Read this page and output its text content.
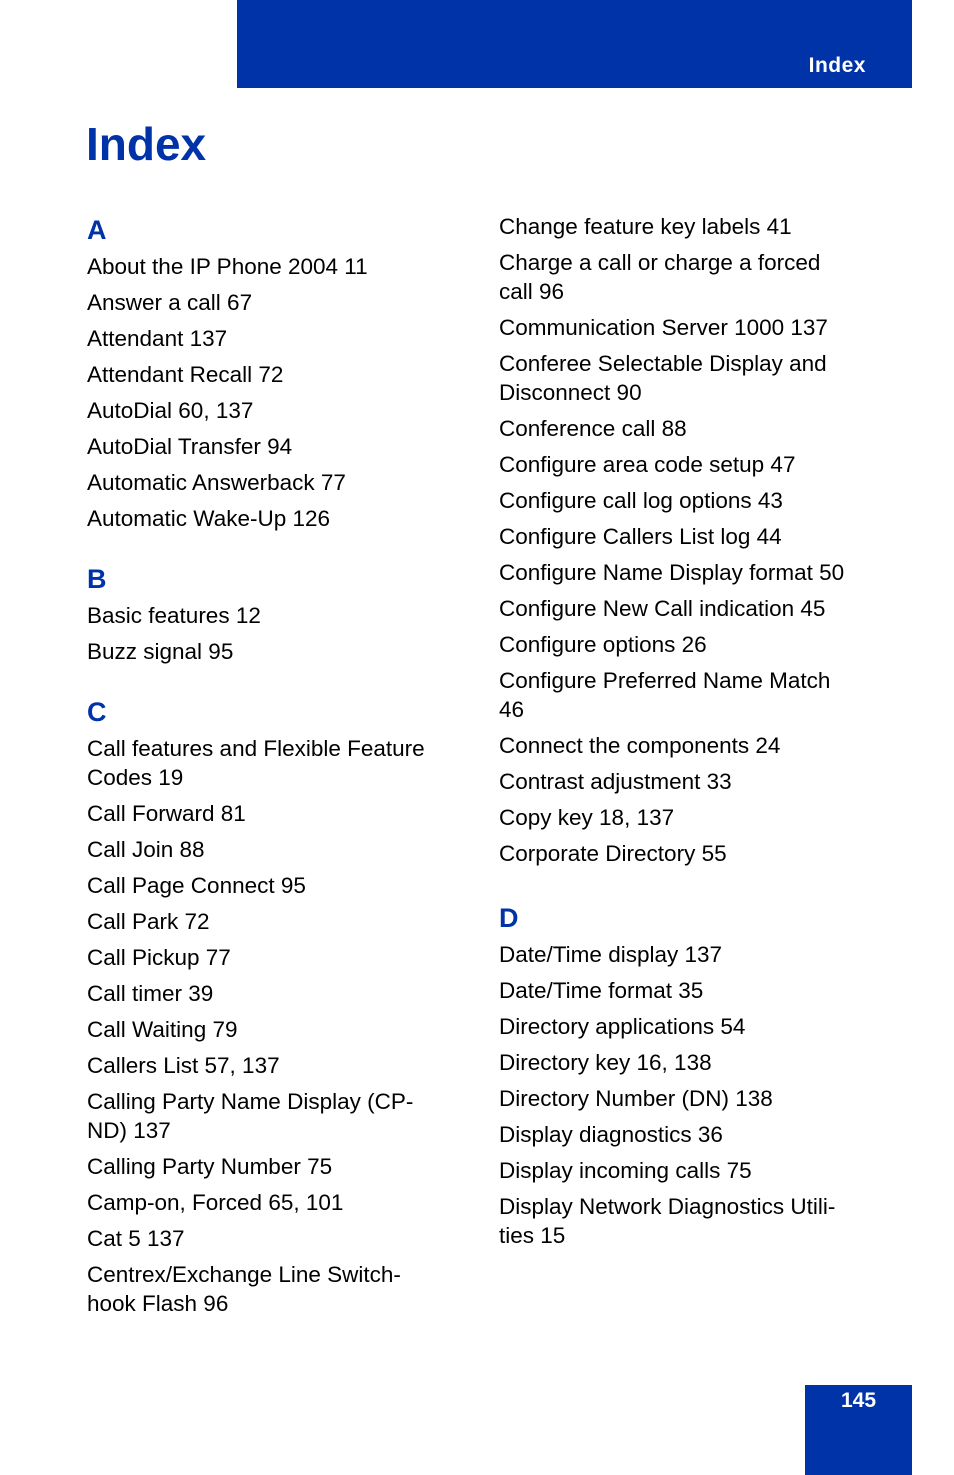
Index
Index
A
About the IP Phone 2004 11
Answer a call 67
Attendant 137
Attendant Recall 72
AutoDial 60, 137
AutoDial Transfer 94
Automatic Answerback 77
Automatic Wake-Up 126
B
Basic features 12
Buzz signal 95
C
Call features and Flexible Feature
Codes 19
Call Forward 81
Call Join 88
Call Page Connect 95
Call Park 72
Call Pickup 77
Call timer 39
Call Waiting 79
Callers List 57, 137
Calling Party Name Display (CP-
ND) 137
Calling Party Number 75
Camp-on, Forced 65, 101
Cat 5 137
Centrex/Exchange Line Switch-
hook Flash 96
Change feature key labels 41
Charge a call or charge a forced
call 96
Communication Server 1000 137
Conferee Selectable Display and
Disconnect 90
Conference call 88
Configure area code setup 47
Configure call log options 43
Configure Callers List log 44
Configure Name Display format 50
Configure New Call indication 45
Configure options 26
Configure Preferred Name Match
46
Connect the components 24
Contrast adjustment 33
Copy key 18, 137
Corporate Directory 55
D
Date/Time display 137
Date/Time format 35
Directory applications 54
Directory key 16, 138
Directory Number (DN) 138
Display diagnostics 36
Display incoming calls 75
Display Network Diagnostics Utili-
ties 15
145
